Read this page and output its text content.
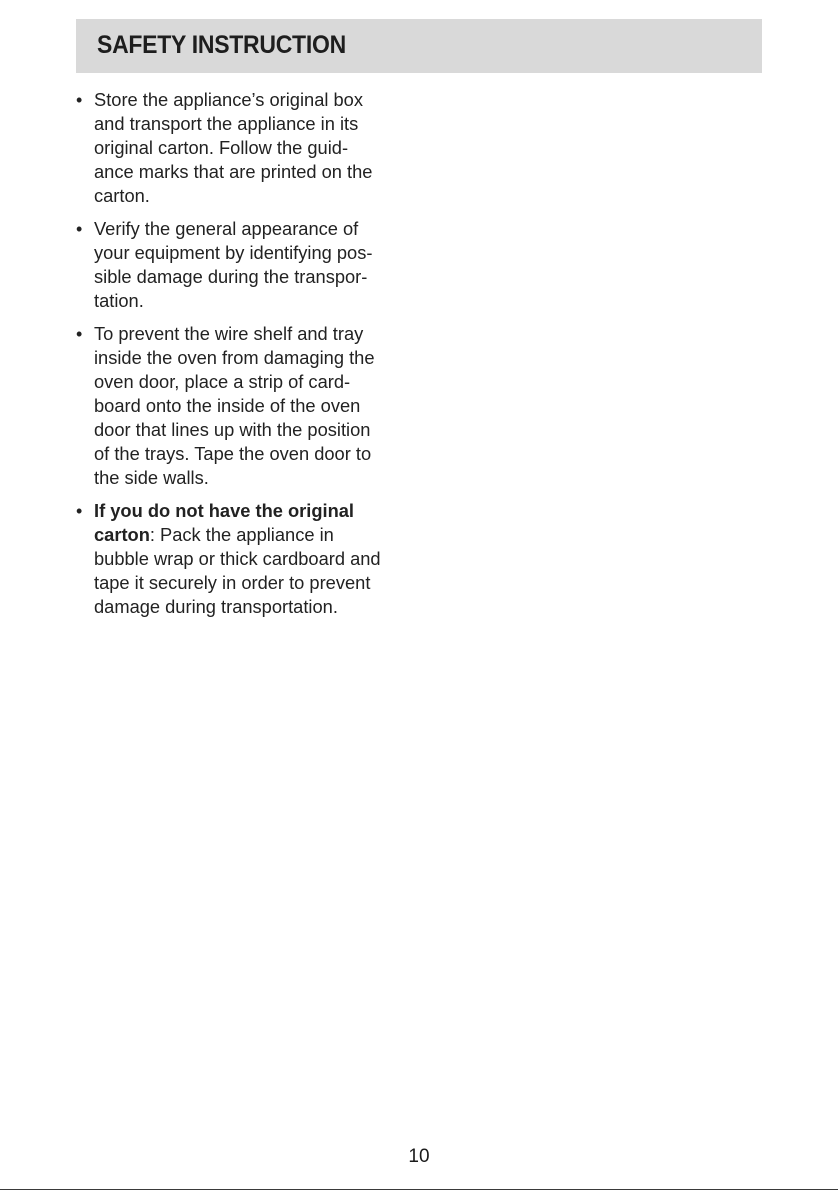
SAFETY INSTRUCTION
• Store the appliance’s original box
and transport the appliance in its
original carton. Follow the guid-
ance marks that are printed on the
carton.
• Verify the general appearance of
your equipment by identifying pos-
sible damage during the transpor-
tation.
• To prevent the wire shelf and tray
inside the oven from damaging the
oven door, place a strip of card-
board onto the inside of the oven
door that lines up with the position
of the trays. Tape the oven door to
the side walls.
• If you do not have the original
carton: Pack the appliance in
bubble wrap or thick cardboard and
tape it securely in order to prevent
damage during transportation.
10
